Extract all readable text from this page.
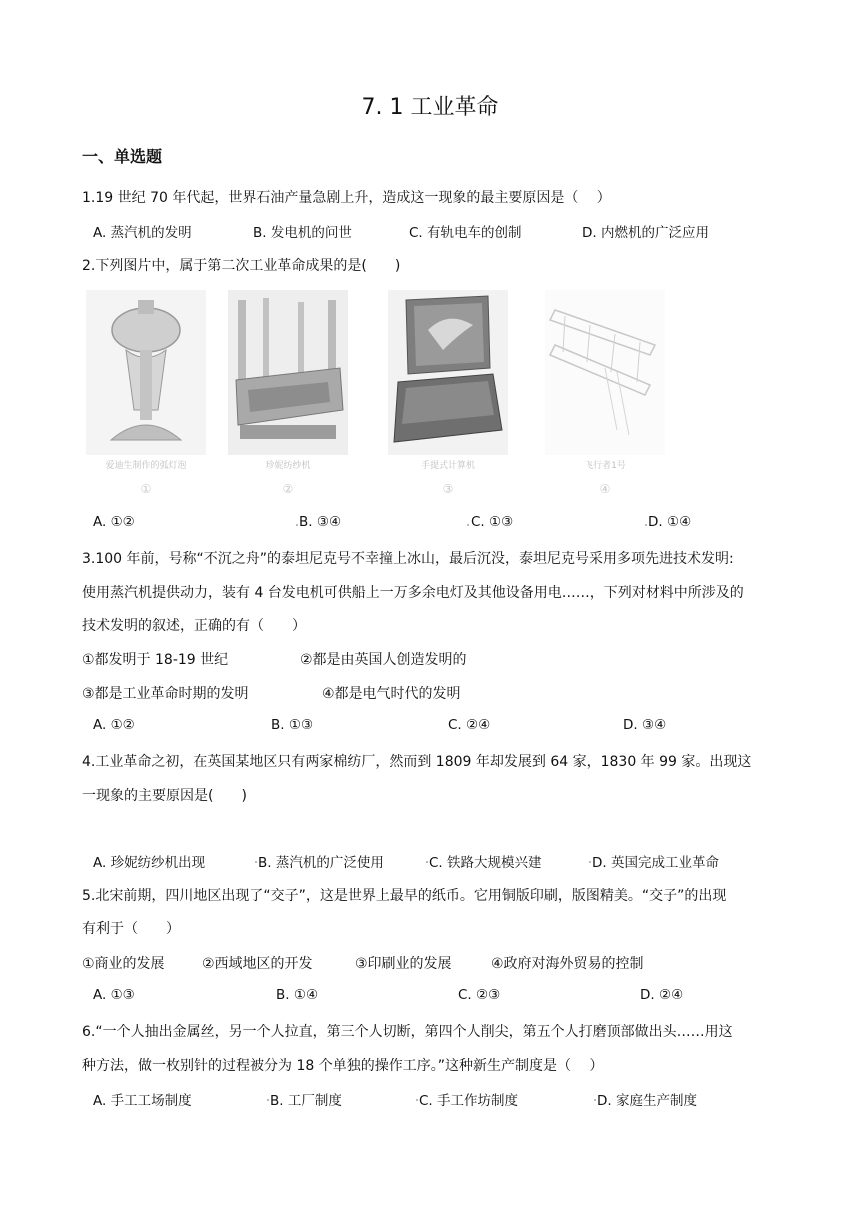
7. 1 工业革命
一、单选题
1.19 世纪 70 年代起，世界石油产量急剧上升，造成这一现象的最主要原因是（　 ）
A. 蒸汽机的发明	B. 发电机的问世	C. 有轨电车的创制	D. 内燃机的广泛应用
2.下列图片中，属于第二次工业革命成果的是(　　)
爱迪生制作的弧灯泡
①
珍妮纺纱机
②
手提式计算机
③
飞行者1号
④
A. ①②	B. ③④	C. ①③	D. ①④
3.100 年前，号称“不沉之舟”的泰坦尼克号不幸撞上冰山，最后沉没，泰坦尼克号采用多项先进技术发明:
使用蒸汽机提供动力，装有 4 台发电机可供船上一万多余电灯及其他设备用电……，下列对材料中所涉及的
技术发明的叙述，正确的有（　　）
①都发明于 18-19 世纪	②都是由英国人创造发明的
③都是工业革命时期的发明	④都是电气时代的发明
A. ①②	B. ①③	C. ②④	D. ③④
4.工业革命之初，在英国某地区只有两家棉纺厂，然而到 1809 年却发展到 64 家，1830 年 99 家。出现这
一现象的主要原因是(　　)
A. 珍妮纺纱机出现	B. 蒸汽机的广泛使用	C. 铁路大规模兴建	D. 英国完成工业革命
5.北宋前期，四川地区出现了“交子”，这是世界上最早的纸币。它用铜版印刷，版图精美。“交子”的出现
有利于（　　）
①商业的发展	②西域地区的开发	③印刷业的发展	④政府对海外贸易的控制
A. ①③	B. ①④	C. ②③	D. ②④
6.“一个人抽出金属丝，另一个人拉直，第三个人切断，第四个人削尖，第五个人打磨顶部做出头……用这
种方法，做一枚别针的过程被分为 18 个单独的操作工序。”这种新生产制度是（　 ）
A. 手工工场制度	B. 工厂制度	C. 手工作坊制度	D. 家庭生产制度
